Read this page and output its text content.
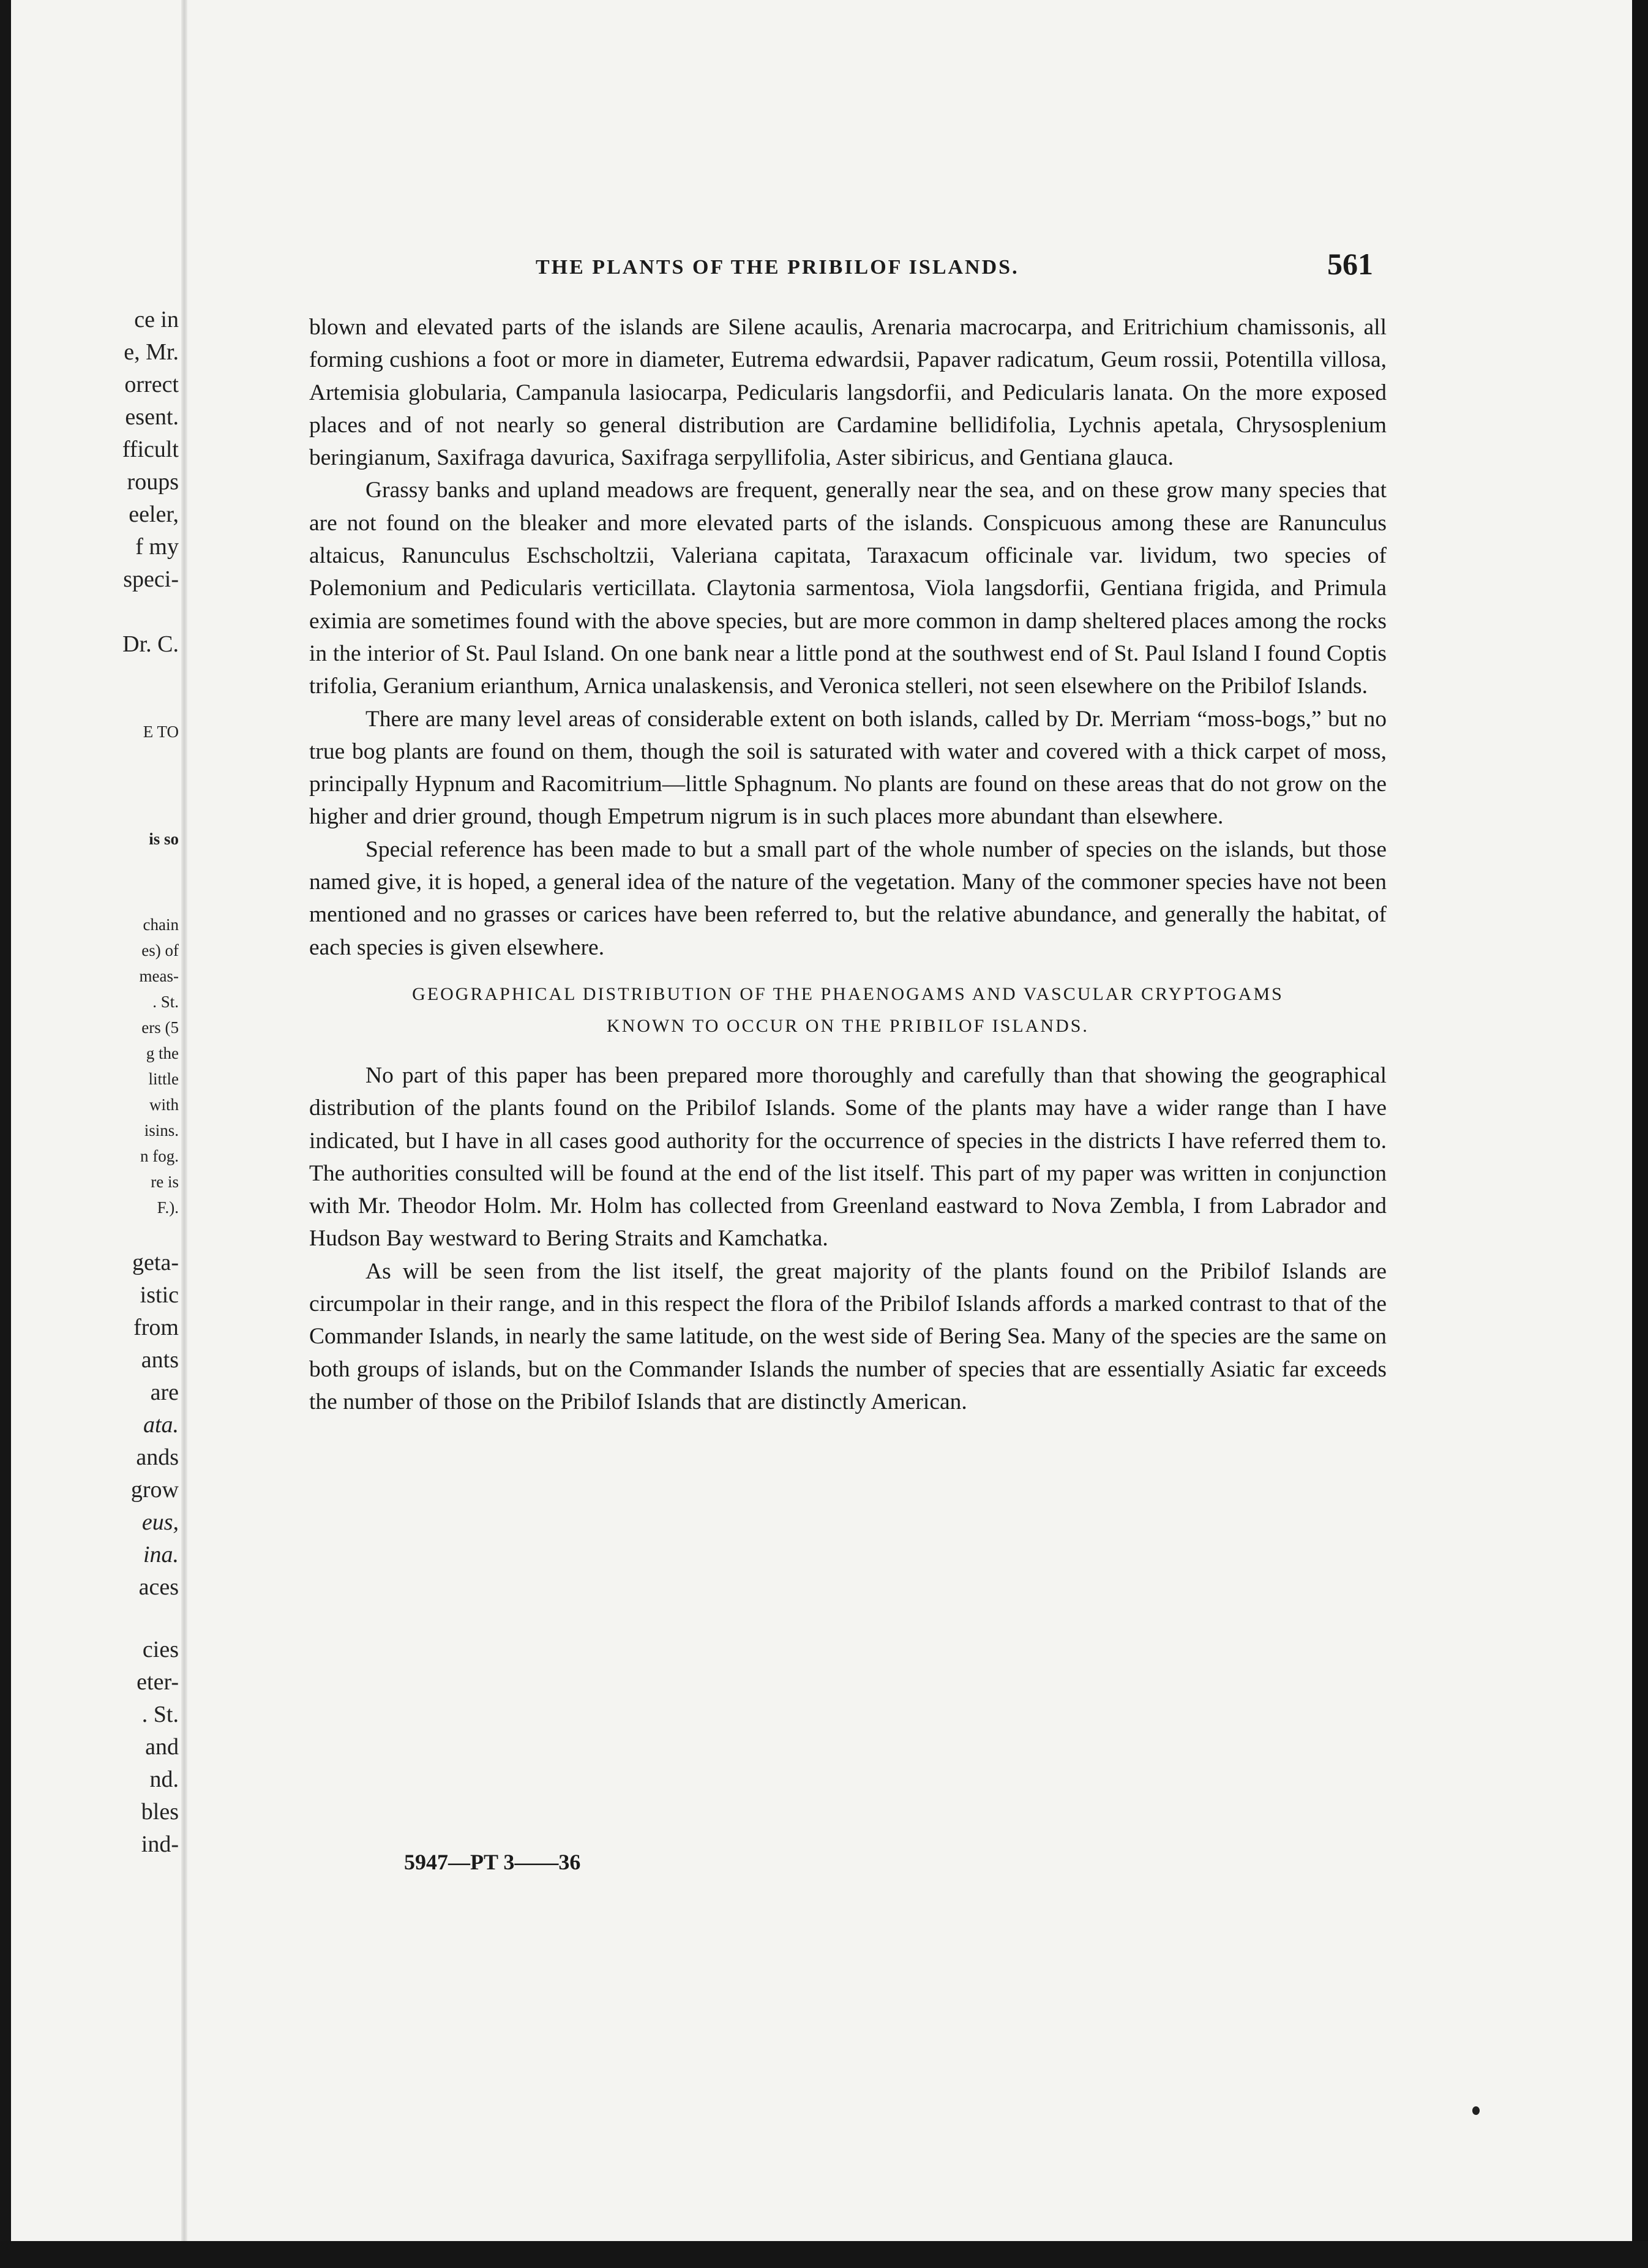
ce in
e, Mr.
orrect
esent.
fficult
roups
eeler,
f my
speci-
Dr. C.
E TO
is so
chain
es) of
meas-
. St.
ers (5
g the
little
with
isins.
n fog.
re is
F.).
geta-
istic
from
ants
are
ata.
ands
grow
eus,
ina.
aces
cies
eter-
. St.
and
nd.
bles
ind-
THE PLANTS OF THE PRIBILOF ISLANDS.	561

blown and elevated parts of the islands are Silene acaulis, Arenaria macrocarpa, and Eritrichium chamissonis, all forming cushions a foot or more in diameter, Eutrema edwardsii, Papaver radicatum, Geum rossii, Potentilla villosa, Artemisia globularia, Campanula lasiocarpa, Pedicularis langsdorfii, and Pedicularis lanata. On the more exposed places and of not nearly so general distribution are Cardamine bellidifolia, Lychnis apetala, Chrysosplenium beringianum, Saxifraga davurica, Saxifraga serpyllifolia, Aster sibiricus, and Gentiana glauca.

Grassy banks and upland meadows are frequent, generally near the sea, and on these grow many species that are not found on the bleaker and more elevated parts of the islands. Conspicuous among these are Ranunculus altaicus, Ranunculus Eschscholtzii, Valeriana capitata, Taraxacum officinale var. lividum, two species of Polemonium and Pedicularis verticillata. Claytonia sarmentosa, Viola langsdorfii, Gentiana frigida, and Primula eximia are sometimes found with the above species, but are more common in damp sheltered places among the rocks in the interior of St. Paul Island. On one bank near a little pond at the southwest end of St. Paul Island I found Coptis trifolia, Geranium erianthum, Arnica unalaskensis, and Veronica stelleri, not seen elsewhere on the Pribilof Islands.

There are many level areas of considerable extent on both islands, called by Dr. Merriam “moss-bogs,” but no true bog plants are found on them, though the soil is saturated with water and covered with a thick carpet of moss, principally Hypnum and Racomitrium—little Sphagnum. No plants are found on these areas that do not grow on the higher and drier ground, though Empetrum nigrum is in such places more abundant than elsewhere.

Special reference has been made to but a small part of the whole number of species on the islands, but those named give, it is hoped, a general idea of the nature of the vegetation. Many of the commoner species have not been mentioned and no grasses or carices have been referred to, but the relative abundance, and generally the habitat, of each species is given elsewhere.

GEOGRAPHICAL DISTRIBUTION OF THE PHAENOGAMS AND VASCULAR CRYPTOGAMS
KNOWN TO OCCUR ON THE PRIBILOF ISLANDS.

No part of this paper has been prepared more thoroughly and carefully than that showing the geographical distribution of the plants found on the Pribilof Islands. Some of the plants may have a wider range than I have indicated, but I have in all cases good authority for the occurrence of species in the districts I have referred them to. The authorities consulted will be found at the end of the list itself. This part of my paper was written in conjunction with Mr. Theodor Holm. Mr. Holm has collected from Greenland eastward to Nova Zembla, I from Labrador and Hudson Bay westward to Bering Straits and Kamchatka.

As will be seen from the list itself, the great majority of the plants found on the Pribilof Islands are circumpolar in their range, and in this respect the flora of the Pribilof Islands affords a marked contrast to that of the Commander Islands, in nearly the same latitude, on the west side of Bering Sea. Many of the species are the same on both groups of islands, but on the Commander Islands the number of species that are essentially Asiatic far exceeds the number of those on the Pribilof Islands that are distinctly American.

5947—PT 3——36
